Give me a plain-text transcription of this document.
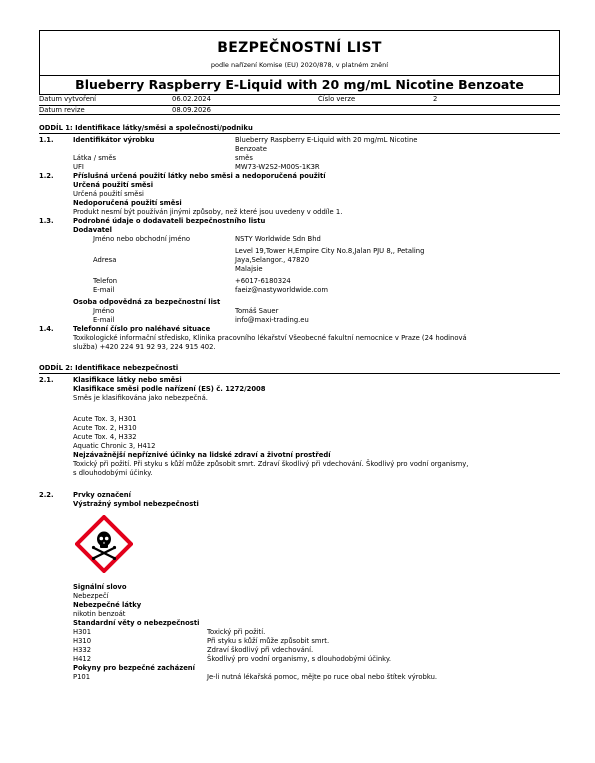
BEZPEČNOSTNÍ LIST
podle nařízení Komise (EU) 2020/878, v platném znění
Blueberry Raspberry E-Liquid with 20 mg/mL Nicotine Benzoate
Datum vytvoření	06.02.2024	Číslo verze	2
Datum revize	08.09.2026
ODDÍL 1: Identifikace látky/směsi a společnosti/podniku
1.1.	Identifikátor výrobku	Blueberry Raspberry E-Liquid with 20 mg/mL Nicotine
Benzoate
Látka / směs	směs
UFI	MW73-W2S2-M00S-1K3R
1.2.	Příslušná určená použití látky nebo směsi a nedoporučená použití
Určená použití směsi
Určená použití směsi
Nedoporučená použití směsi
Produkt nesmí být používán jinými způsoby, než které jsou uvedeny v oddíle 1.
1.3.	Podrobné údaje o dodavateli bezpečnostního listu
Dodavatel
Jméno nebo obchodní jméno	NSTY Worldwide Sdn Bhd
Adresa
Level 19,Tower H,Empire City No.8,Jalan PJU 8,, Petaling
Jaya,Selangor., 47820
Malajsie
Telefon	+6017-6180324
E-mail	faeiz@nastyworldwide.com
Osoba odpovědná za bezpečnostní list
Jméno	Tomáš Sauer
E-mail	info@maxi-trading.eu
1.4.	Telefonní číslo pro naléhavé situace
Toxikologické informační středisko, Klinika pracovního lékařství Všeobecné fakultní nemocnice v Praze (24 hodinová
služba) +420 224 91 92 93, 224 915 402.
ODDÍL 2: Identifikace nebezpečnosti
2.1.	Klasifikace látky nebo směsi
Klasifikace směsi podle nařízení (ES) č. 1272/2008
Směs je klasifikována jako nebezpečná.
Acute Tox. 3, H301
Acute Tox. 2, H310
Acute Tox. 4, H332
Aquatic Chronic 3, H412
Nejzávažnější nepříznivé účinky na lidské zdraví a životní prostředí
Toxický při požití. Při styku s kůží může způsobit smrt. Zdraví škodlivý při vdechování. Škodlivý pro vodní organismy,
s dlouhodobými účinky.
2.2.	Prvky označení
Výstražný symbol nebezpečnosti
Signální slovo
Nebezpečí
Nebezpečné látky
nikotin benzoát
Standardní věty o nebezpečnosti
H301	Toxický při požití.
H310	Při styku s kůží může způsobit smrt.
H332	Zdraví škodlivý při vdechování.
H412	Škodlivý pro vodní organismy, s dlouhodobými účinky.
Pokyny pro bezpečné zacházení
P101	Je-li nutná lékařská pomoc, mějte po ruce obal nebo štítek výrobku.
